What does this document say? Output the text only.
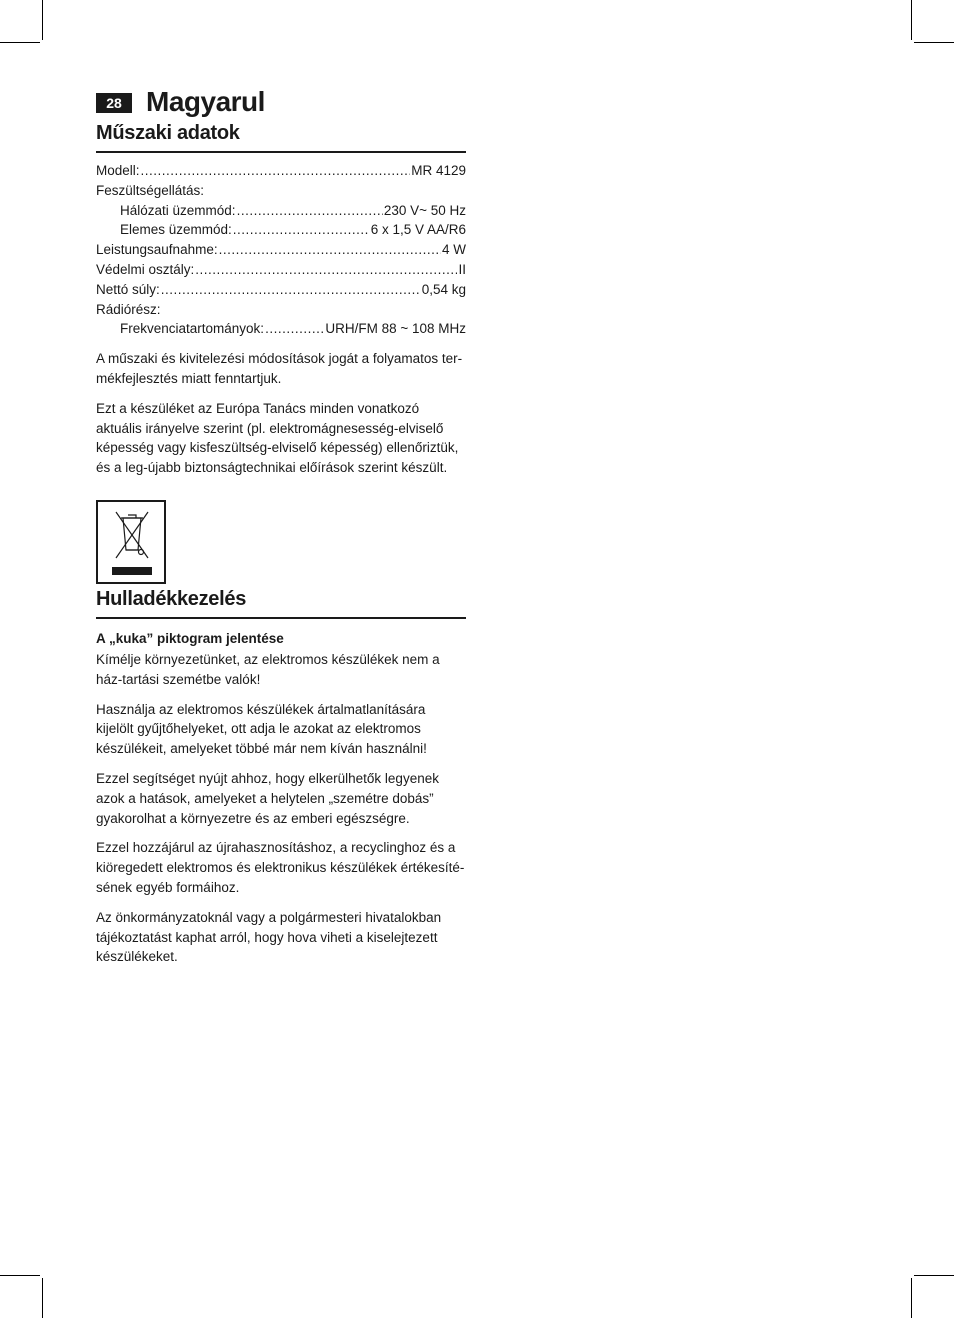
28 Magyarul
Műszaki adatok
Modell: .....	MR 4129
Feszültségellátás:
Hálózati üzemmód: .....	230 V~ 50 Hz
Elemes üzemmód: .....	6 x 1,5 V AA/R6
Leistungsaufnahme: .....	4 W
Védelmi osztály: .....	II
Nettó súly: .....	0,54 kg
Rádiórész:
Frekvenciatartományok: .....	URH/FM 88 ~ 108 MHz

A műszaki és kivitelezési módosítások jogát a folyamatos ter-mékfejlesztés miatt fenntartjuk.

Ezt a készüléket az Európa Tanács minden vonatkozó aktuális irányelve szerint (pl. elektromágnesesség-elviselő képesség vagy kisfeszültség-elviselő képesség) ellenőriztük, és a leg-újabb biztonságtechnikai előírások szerint készült.

Hulladékkezelés
A „kuka” piktogram jelentése

Kímélje környezetünket, az elektromos készülékek nem a ház-tartási szemétbe valók!

Használja az elektromos készülékek ártalmatlanítására kijelölt gyűjtőhelyeket, ott adja le azokat az elektromos készülékeit, amelyeket többé már nem kíván használni!

Ezzel segítséget nyújt ahhoz, hogy elkerülhetők legyenek azok a hatások, amelyeket a helytelen „szemétre dobás” gyakorolhat a környezetre és az emberi egészségre.

Ezzel hozzájárul az újrahasznosításhoz, a recyclinghoz és a kiöregedett elektromos és elektronikus készülékek értékesíté-sének egyéb formáihoz.

Az önkormányzatoknál vagy a polgármesteri hivatalokban tájékoztatást kaphat arról, hogy hova viheti a kiselejtezett készülékeket.
